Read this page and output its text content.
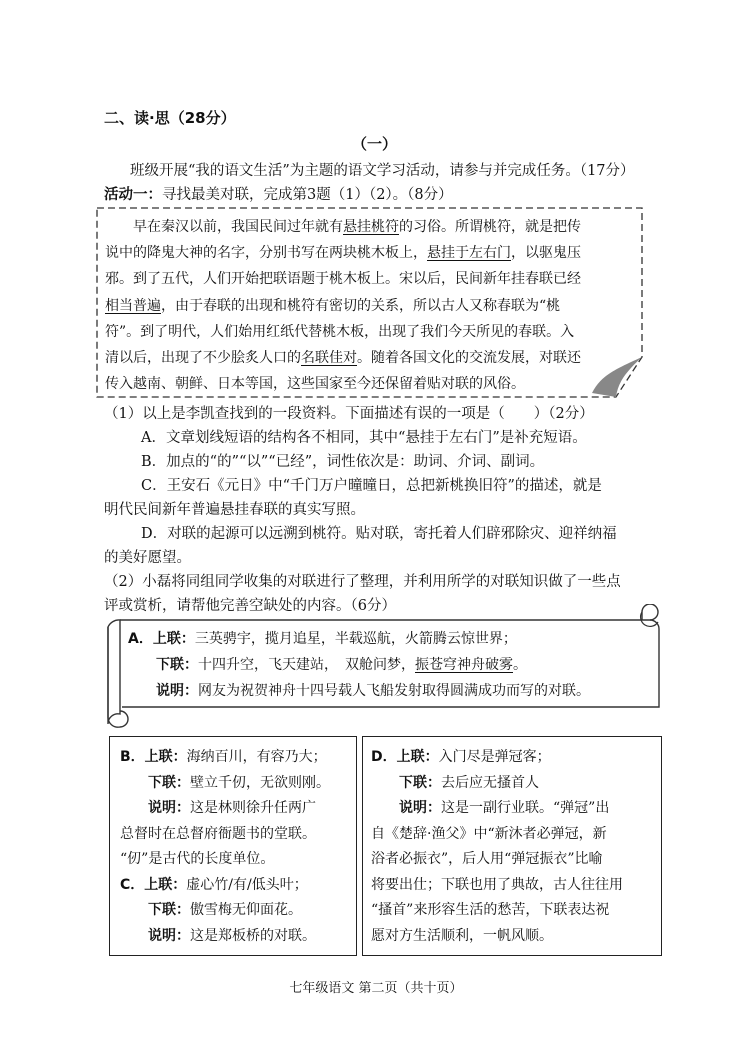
二、读·思（28分）
（一）
班级开展“我的语文生活”为主题的语文学习活动，请参与并完成任务。（17分）
活动一：寻找最美对联，完成第3题（1）（2）。（8分）
早在秦汉以前，我国民间过年就有悬挂桃符的习俗。所谓桃符，就是把传
说中的降鬼大神的名字，分别书写在两块桃木板上，悬挂于左右门，以驱鬼压
邪。到了五代，人们开始把联语题于桃木板上。宋以后，民间新年挂春联已经
相当普遍，由于春联的出现和桃符有密切的关系，所以古人又称春联为“桃
符”。到了明代，人们始用红纸代替桃木板，出现了我们今天所见的春联。入
清以后，出现了不少脍炙人口的名联佳对。随着各国文化的交流发展，对联还
传入越南、朝鲜、日本等国，这些国家至今还保留着贴对联的风俗。
（1）以上是李凯查找到的一段资料。下面描述有误的一项是（　　）（2分）
A．文章划线短语的结构各不相同，其中“悬挂于左右门”是补充短语。
B．加点的“的”“以”“已经”，词性依次是：助词、介词、副词。
C．王安石《元日》中“千门万户曈曈日，总把新桃换旧符”的描述，就是
明代民间新年普遍悬挂春联的真实写照。
D．对联的起源可以远溯到桃符。贴对联，寄托着人们辟邪除灾、迎祥纳福
的美好愿望。
（2）小磊将同组同学收集的对联进行了整理，并利用所学的对联知识做了一些点
评或赏析，请帮他完善空缺处的内容。（6分）
A．上联：三英骋宇，揽月追星，半载巡航，火箭腾云惊世界；
下联：十四升空，飞天建站，　双舱问梦，振苍穹神舟破雾。
说明：网友为祝贺神舟十四号载人飞船发射取得圆满成功而写的对联。
B．上联：海纳百川，有容乃大；
下联：壁立千仞，无欲则刚。
说明：这是林则徐升任两广
总督时在总督府衙题书的堂联。
“仞”是古代的长度单位。
C．上联：虚心竹/有/低头叶；
下联：傲雪梅无仰面花。
说明：这是郑板桥的对联。
D．上联：入门尽是弹冠客；
下联：去后应无搔首人
说明：这是一副行业联。“弹冠”出
自《楚辞·渔父》中“新沐者必弹冠，新
浴者必振衣”，后人用“弹冠振衣”比喻
将要出仕；下联也用了典故，古人往往用
“搔首”来形容生活的愁苦，下联表达祝
愿对方生活顺利，一帆风顺。
七年级语文 第二页（共十页）
